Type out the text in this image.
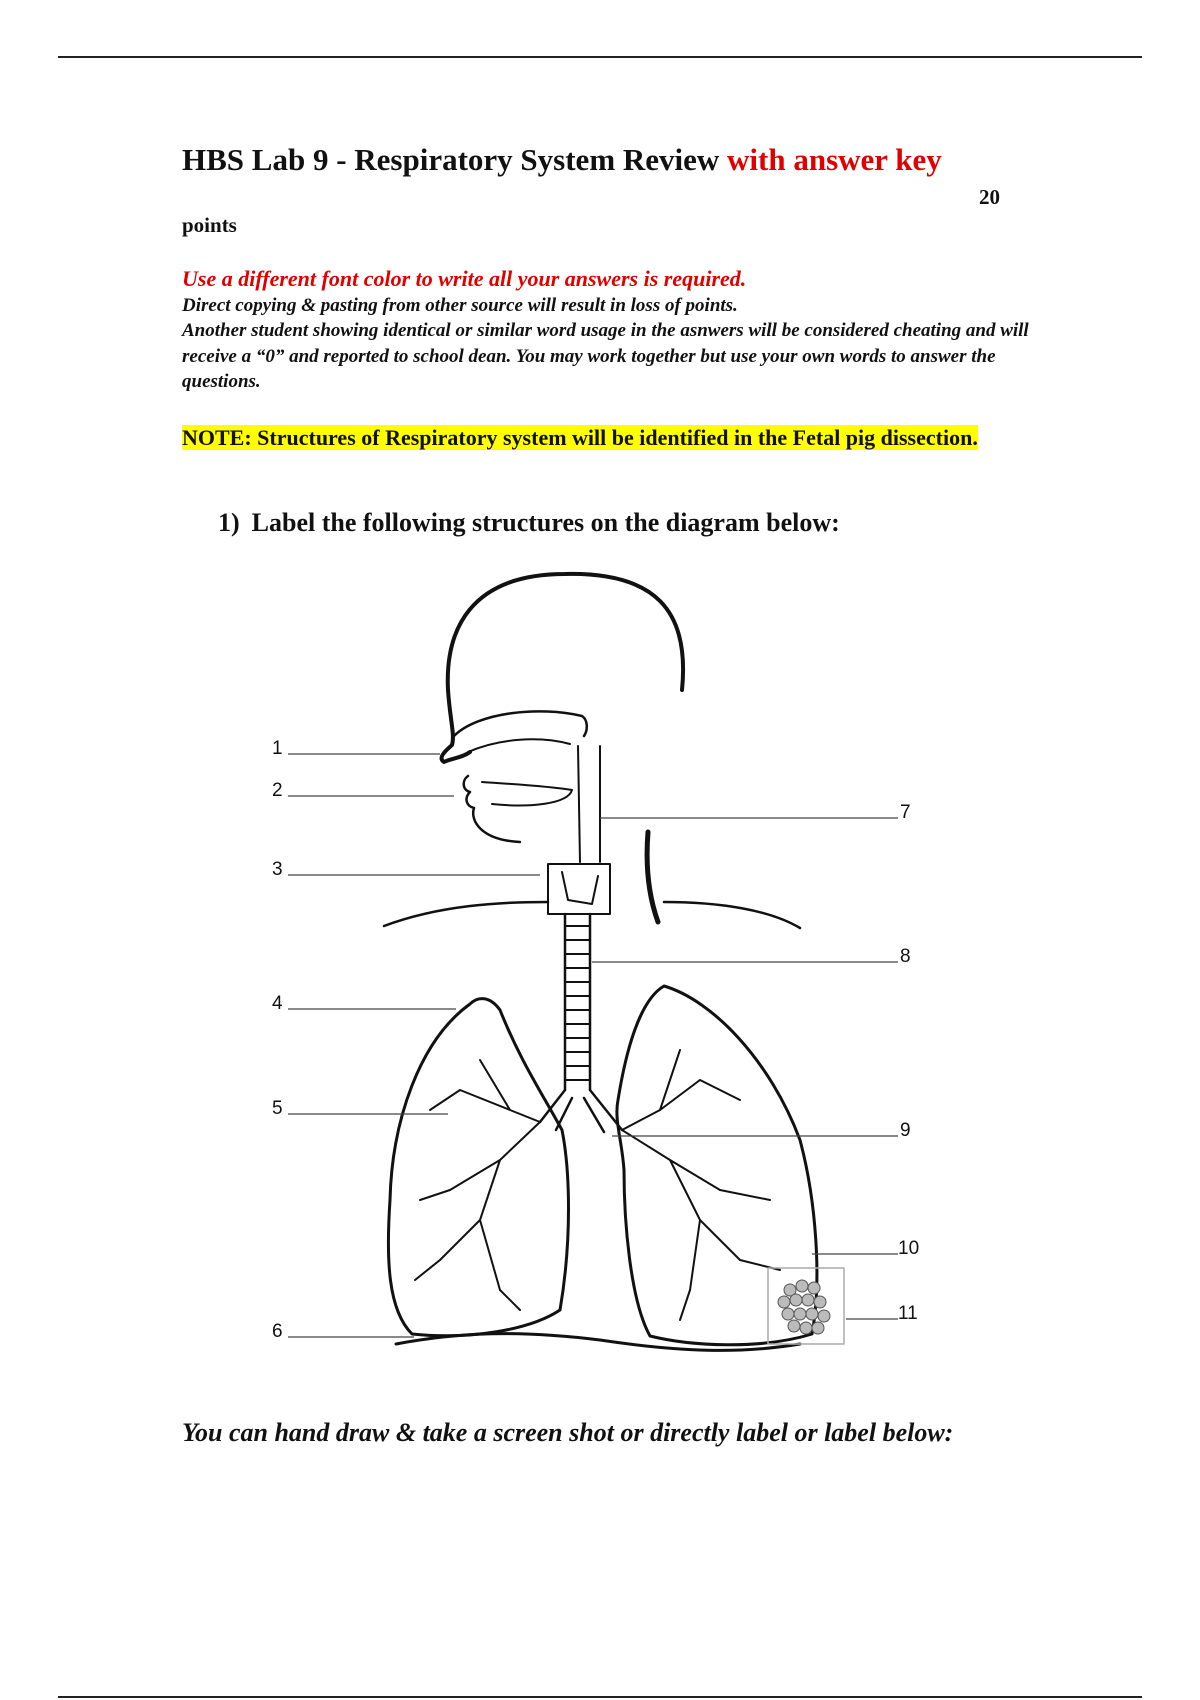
HBS Lab 9 - Respiratory System Review with answer key
20
points
Use a different font color to write all your answers is required.

Direct copying & pasting from other source will result in loss of points.

Another student showing identical or similar word usage in the asnwers will be considered cheating and will receive a “0” and reported to school dean. You may work together but use your own words to answer the questions.

NOTE: Structures of Respiratory system will be identified in the Fetal pig dissection.
1) Label the following structures on the diagram below:
1
2
3
4
5
6
7
8
9
10
11
You can hand draw & take a screen shot or directly label or label below:
